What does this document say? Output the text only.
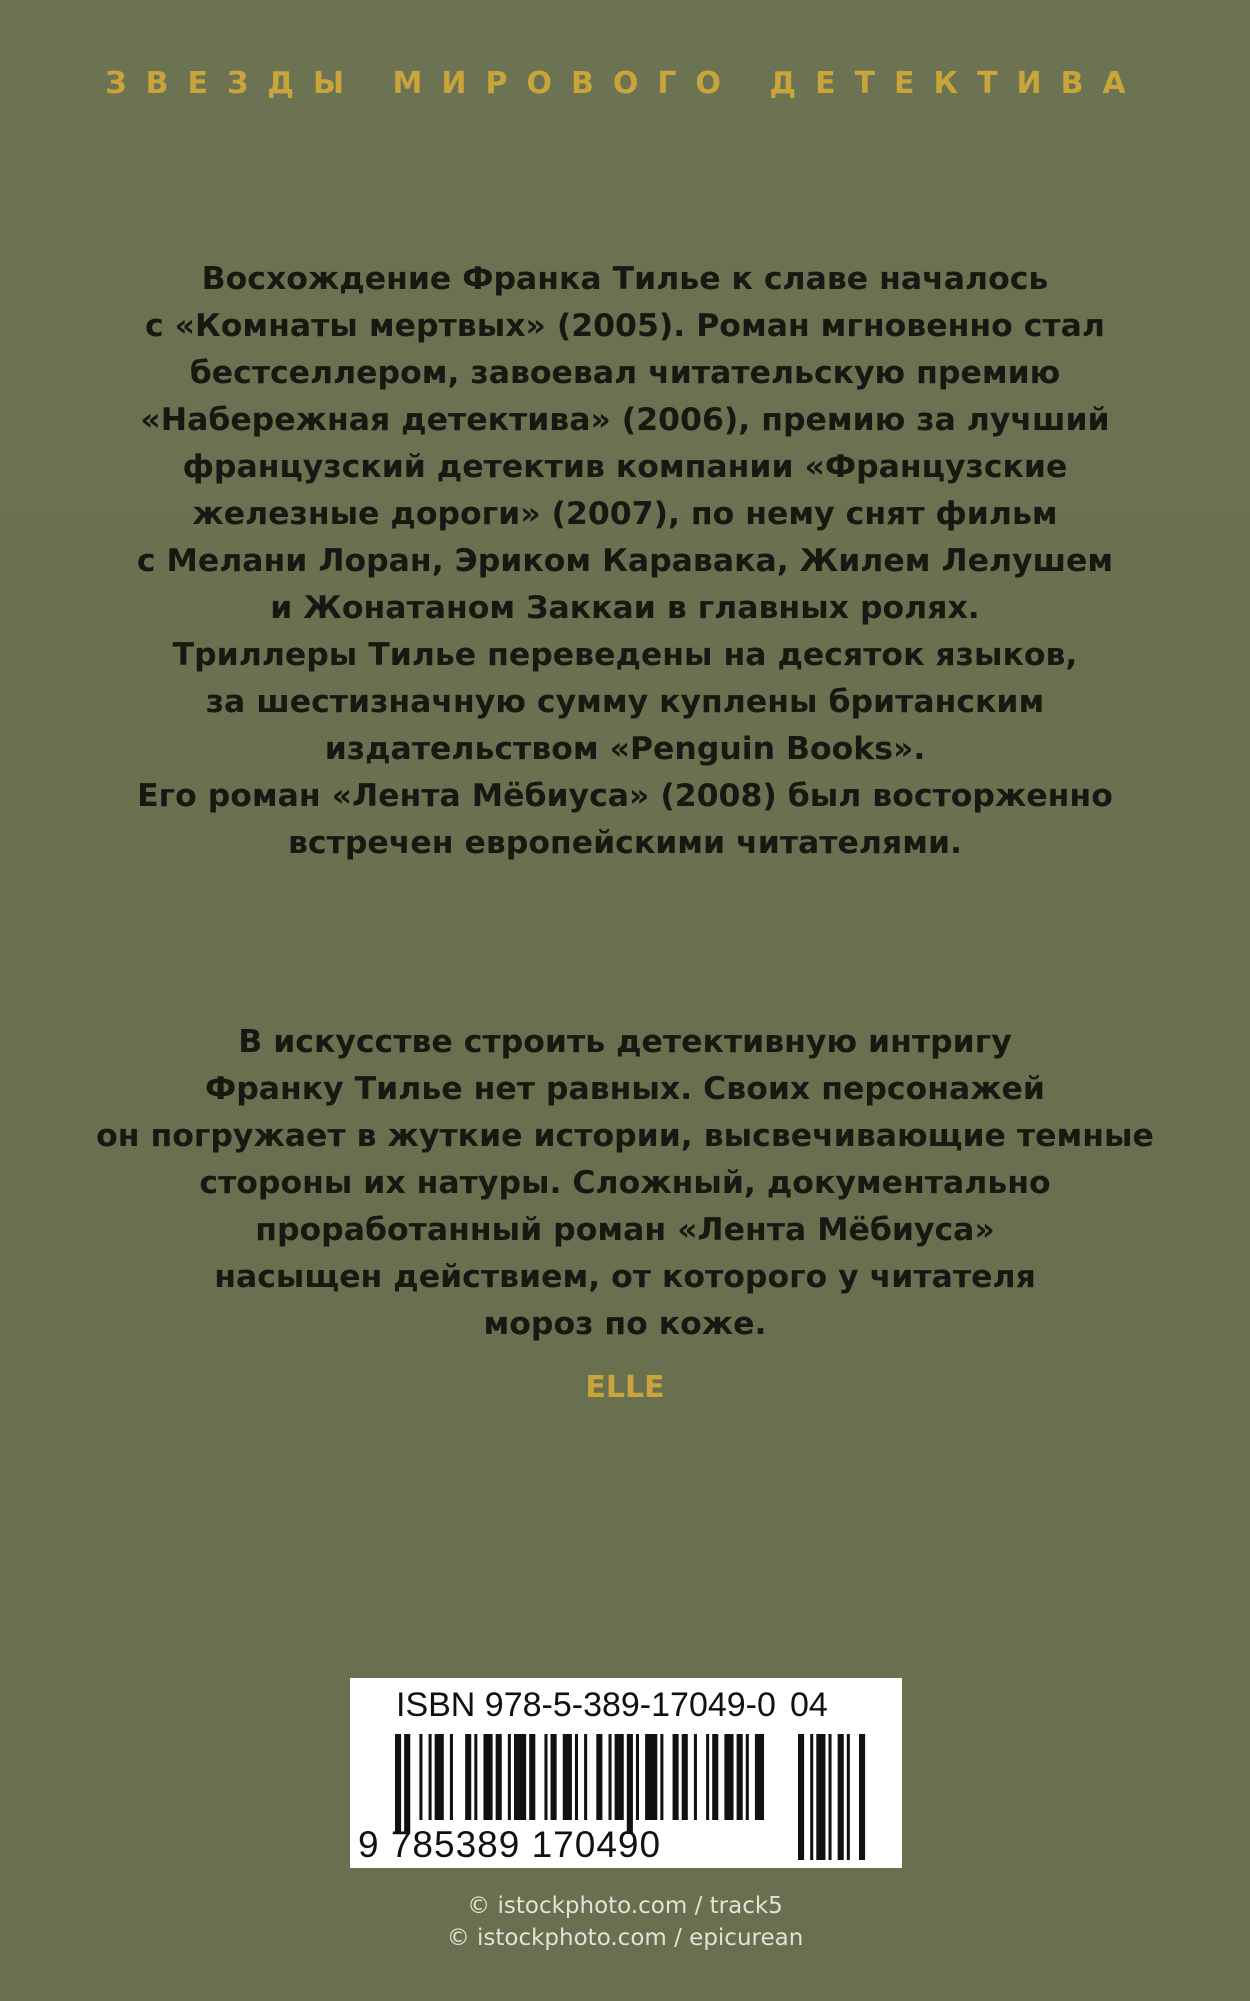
ЗВЕЗДЫ МИРОВОГО ДЕТЕКТИВА
Восхождение Франка Тилье к славе началось
с «Комнаты мертвых» (2005). Роман мгновенно стал
бестселлером, завоевал читательскую премию
«Набережная детектива» (2006), премию за лучший
французский детектив компании «Французские
железные дороги» (2007), по нему снят фильм
с Мелани Лоран, Эриком Каравака, Жилем Лелушем
и Жонатаном Заккаи в главных ролях.
Триллеры Тилье переведены на десяток языков,
за шестизначную сумму куплены британским
издательством «Penguin Books».
Его роман «Лента Мёбиуса» (2008) был восторженно
встречен европейскими читателями.
В искусстве строить детективную интригу
Франку Тилье нет равных. Своих персонажей
он погружает в жуткие истории, высвечивающие темные
стороны их натуры. Сложный, документально
проработанный роман «Лента Мёбиуса»
насыщен действием, от которого у читателя
мороз по коже.
ELLE
ISBN 978-5-389-17049-0 04
9 785389 170490
© istockphoto.com / track5
© istockphoto.com / epicurean
